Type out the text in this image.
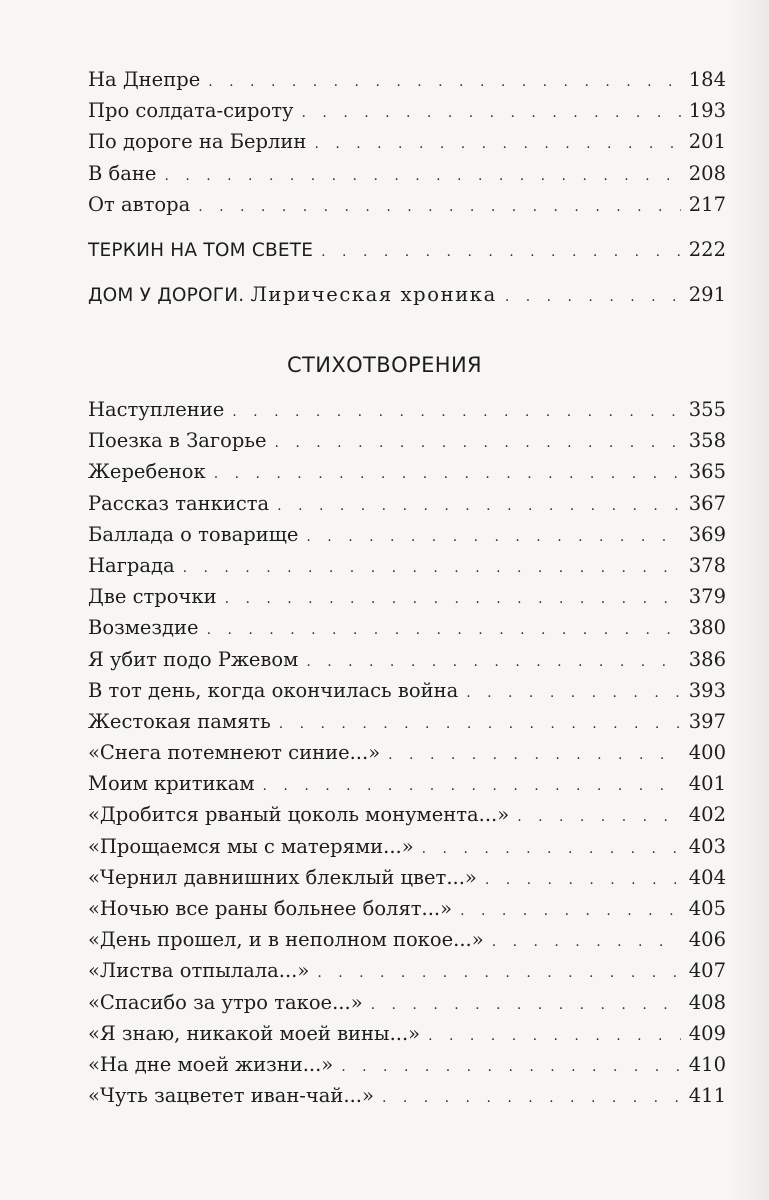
На Днепре . . .	184
Про солдата-сироту . . .	193
По дороге на Берлин . . .	201
В бане . . .	208
От автора . . .	217
ТЕРКИН НА ТОМ СВЕТЕ . . .	222
ДОМ У ДОРОГИ. Лирическая хроника . . .	291
СТИХОТВОРЕНИЯ
Наступление . . .	355
Поезка в Загорье . . .	358
Жеребенок . . .	365
Рассказ танкиста . . .	367
Баллада о товарище . . .	369
Награда . . .	378
Две строчки . . .	379
Возмездие . . .	380
Я убит подо Ржевом . . .	386
В тот день, когда окончилась война . . .	393
Жестокая память . . .	397
«Снега потемнеют синие...» . . .	400
Моим критикам . . .	401
«Дробится рваный цоколь монумента...» . . .	402
«Прощаемся мы с матерями...» . . .	403
«Чернил давнишних блеклый цвет...» . . .	404
«Ночью все раны больнее болят...» . . .	405
«День прошел, и в неполном покое...» . . .	406
«Листва отпылала...» . . .	407
«Спасибо за утро такое...» . . .	408
«Я знаю, никакой моей вины...» . . .	409
«На дне моей жизни...» . . .	410
«Чуть зацветет иван-чай...» . . .	411
